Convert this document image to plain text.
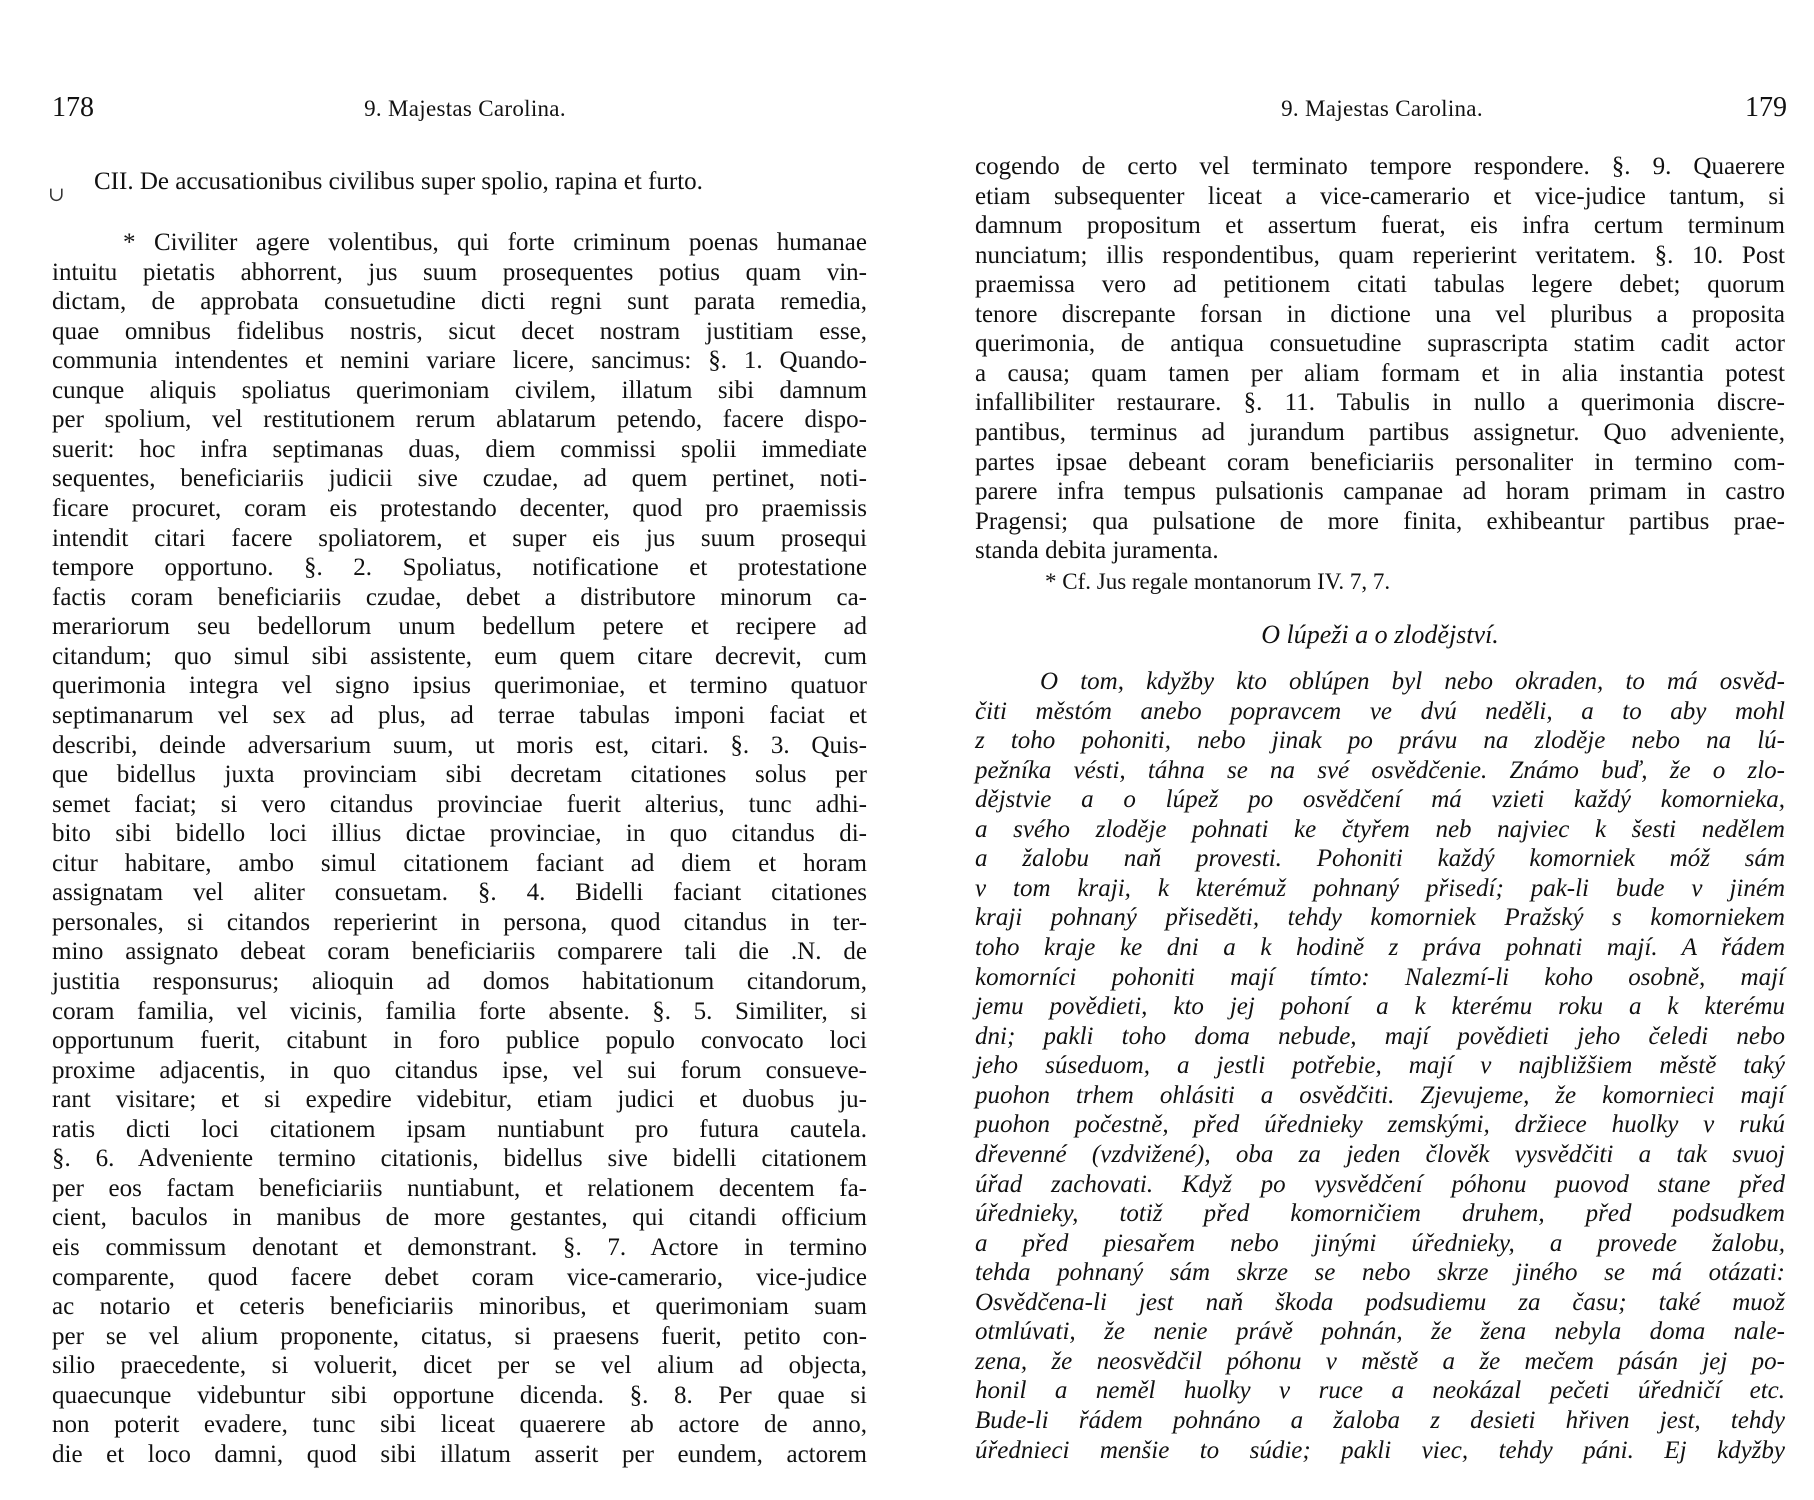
178	9. Majestas Carolina.
∪ CII. De accusationibus civilibus super spolio, rapina et furto.
* Civiliter agere volentibus, qui forte criminum poenas humanae
intuitu pietatis abhorrent, jus suum prosequentes potius quam vin-
dictam, de approbata consuetudine dicti regni sunt parata remedia,
quae omnibus fidelibus nostris, sicut decet nostram justitiam esse,
communia intendentes et nemini variare licere, sancimus: §. 1. Quando-
cunque aliquis spoliatus querimoniam civilem, illatum sibi damnum
per spolium, vel restitutionem rerum ablatarum petendo, facere dispo-
suerit: hoc infra septimanas duas, diem commissi spolii immediate
sequentes, beneficiariis judicii sive czudae, ad quem pertinet, noti-
ficare procuret, coram eis protestando decenter, quod pro praemissis
intendit citari facere spoliatorem, et super eis jus suum prosequi
tempore opportuno. §. 2. Spoliatus, notificatione et protestatione
factis coram beneficiariis czudae, debet a distributore minorum ca-
merariorum seu bedellorum unum bedellum petere et recipere ad
citandum; quo simul sibi assistente, eum quem citare decrevit, cum
querimonia integra vel signo ipsius querimoniae, et termino quatuor
septimanarum vel sex ad plus, ad terrae tabulas imponi faciat et
describi, deinde adversarium suum, ut moris est, citari. §. 3. Quis-
que bidellus juxta provinciam sibi decretam citationes solus per
semet faciat; si vero citandus provinciae fuerit alterius, tunc adhi-
bito sibi bidello loci illius dictae provinciae, in quo citandus di-
citur habitare, ambo simul citationem faciant ad diem et horam
assignatam vel aliter consuetam. §. 4. Bidelli faciant citationes
personales, si citandos reperierint in persona, quod citandus in ter-
mino assignato debeat coram beneficiariis comparere tali die .N. de
justitia responsurus; alioquin ad domos habitationum citandorum,
coram familia, vel vicinis, familia forte absente. §. 5. Similiter, si
opportunum fuerit, citabunt in foro publice populo convocato loci
proxime adjacentis, in quo citandus ipse, vel sui forum consueve-
rant visitare; et si expedire videbitur, etiam judici et duobus ju-
ratis dicti loci citationem ipsam nuntiabunt pro futura cautela.
§. 6. Adveniente termino citationis, bidellus sive bidelli citationem
per eos factam beneficiariis nuntiabunt, et relationem decentem fa-
cient, baculos in manibus de more gestantes, qui citandi officium
eis commissum denotant et demonstrant. §. 7. Actore in termino
comparente, quod facere debet coram vice-camerario, vice-judice
ac notario et ceteris beneficiariis minoribus, et querimoniam suam
per se vel alium proponente, citatus, si praesens fuerit, petito con-
silio praecedente, si voluerit, dicet per se vel alium ad objecta,
quaecunque videbuntur sibi opportune dicenda. §. 8. Per quae si
non poterit evadere, tunc sibi liceat quaerere ab actore de anno,
die et loco damni, quod sibi illatum asserit per eundem, actorem
9. Majestas Carolina.	179
cogendo de certo vel terminato tempore respondere. §. 9. Quaerere
etiam subsequenter liceat a vice-camerario et vice-judice tantum, si
damnum propositum et assertum fuerat, eis infra certum terminum
nunciatum; illis respondentibus, quam reperierint veritatem. §. 10. Post
praemissa vero ad petitionem citati tabulas legere debet; quorum
tenore discrepante forsan in dictione una vel pluribus a proposita
querimonia, de antiqua consuetudine suprascripta statim cadit actor
a causa; quam tamen per aliam formam et in alia instantia potest
infallibiliter restaurare. §. 11. Tabulis in nullo a querimonia discre-
pantibus, terminus ad jurandum partibus assignetur. Quo adveniente,
partes ipsae debeant coram beneficiariis personaliter in termino com-
parere infra tempus pulsationis campanae ad horam primam in castro
Pragensi; qua pulsatione de more finita, exhibeantur partibus prae-
standa debita juramenta.
* Cf. Jus regale montanorum IV. 7, 7.
O lúpeži a o zlodějství.
O tom, kdyžby kto oblúpen byl nebo okraden, to má osvěd-
čiti městóm anebo popravcem ve dvú neděli, a to aby mohl
z toho pohoniti, nebo jinak po právu na zloděje nebo na lú-
pežníka vésti, táhna se na své osvědčenie. Známo buď, že o zlo-
dějstvie a o lúpež po osvědčení má vzieti každý komornieka,
a svého zloděje pohnati ke čtyřem neb najviec k šesti nedělem
a žalobu naň provesti. Pohoniti každý komorniek móž sám
v tom kraji, k kterémuž pohnaný přisedí; pak-li bude v jiném
kraji pohnaný přiseděti, tehdy komorniek Pražský s komorniekem
toho kraje ke dni a k hodině z práva pohnati mají. A řádem
komorníci pohoniti mají tímto: Nalezmí-li koho osobně, mají
jemu povědieti, kto jej pohoní a k kterému roku a k kterému
dni; pakli toho doma nebude, mají povědieti jeho čeledi nebo
jeho súseduom, a jestli potřebie, mají v najbližšiem městě taký
puohon trhem ohlásiti a osvědčiti. Zjevujeme, že komornieci mají
puohon počestně, před úřednieky zemskými, držiece huolky v rukú
dřevenné (vzdvižené), oba za jeden člověk vysvědčiti a tak svuoj
úřad zachovati. Když po vysvědčení póhonu puovod stane před
úřednieky, totiž před komorničiem druhem, před podsudkem
a před piesařem nebo jinými úřednieky, a provede žalobu,
tehda pohnaný sám skrze se nebo skrze jiného se má otázati:
Osvědčena-li jest naň škoda podsudiemu za času; také muož
otmlúvati, že nenie právě pohnán, že žena nebyla doma nale-
zena, že neosvědčil póhonu v městě a že mečem pásán jej po-
honil a neměl huolky v ruce a neokázal pečeti úředničí etc.
Bude-li řádem pohnáno a žaloba z desieti hřiven jest, tehdy
úřednieci menšie to súdie; pakli viec, tehdy páni. Ej kdyžby
